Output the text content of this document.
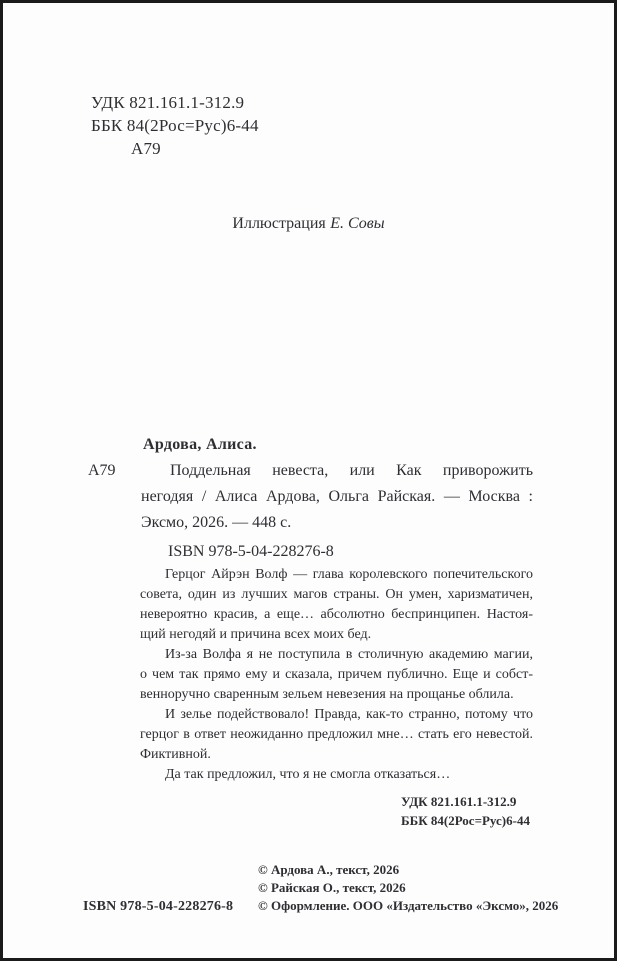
УДК 821.161.1-312.9
ББК 84(2Рос=Рус)6-44
А79
Иллюстрация Е. Совы
Ардова, Алиса.
А79	Поддельная невеста, или Как приворожить
негодяя / Алиса Ардова, Ольга Райская. — Москва :
Эксмо, 2026. — 448 с.
ISBN 978-5-04-228276-8
Герцог Айрэн Волф — глава королевского попечительского
совета, один из лучших магов страны. Он умен, харизматичен,
невероятно красив, а еще… абсолютно беспринципен. Настоя-
щий негодяй и причина всех моих бед.
Из-за Волфа я не поступила в столичную академию магии,
о чем так прямо ему и сказала, причем публично. Еще и собст-
венноручно сваренным зельем невезения на прощанье облила.
И зелье подействовало! Правда, как-то странно, потому что
герцог в ответ неожиданно предложил мне… стать его невестой.
Фиктивной.
Да так предложил, что я не смогла отказаться…
УДК 821.161.1-312.9
ББК 84(2Рос=Рус)6-44
© Ардова А., текст, 2026
© Райская О., текст, 2026
© Оформление. ООО «Издательство «Эксмо», 2026
ISBN 978-5-04-228276-8
